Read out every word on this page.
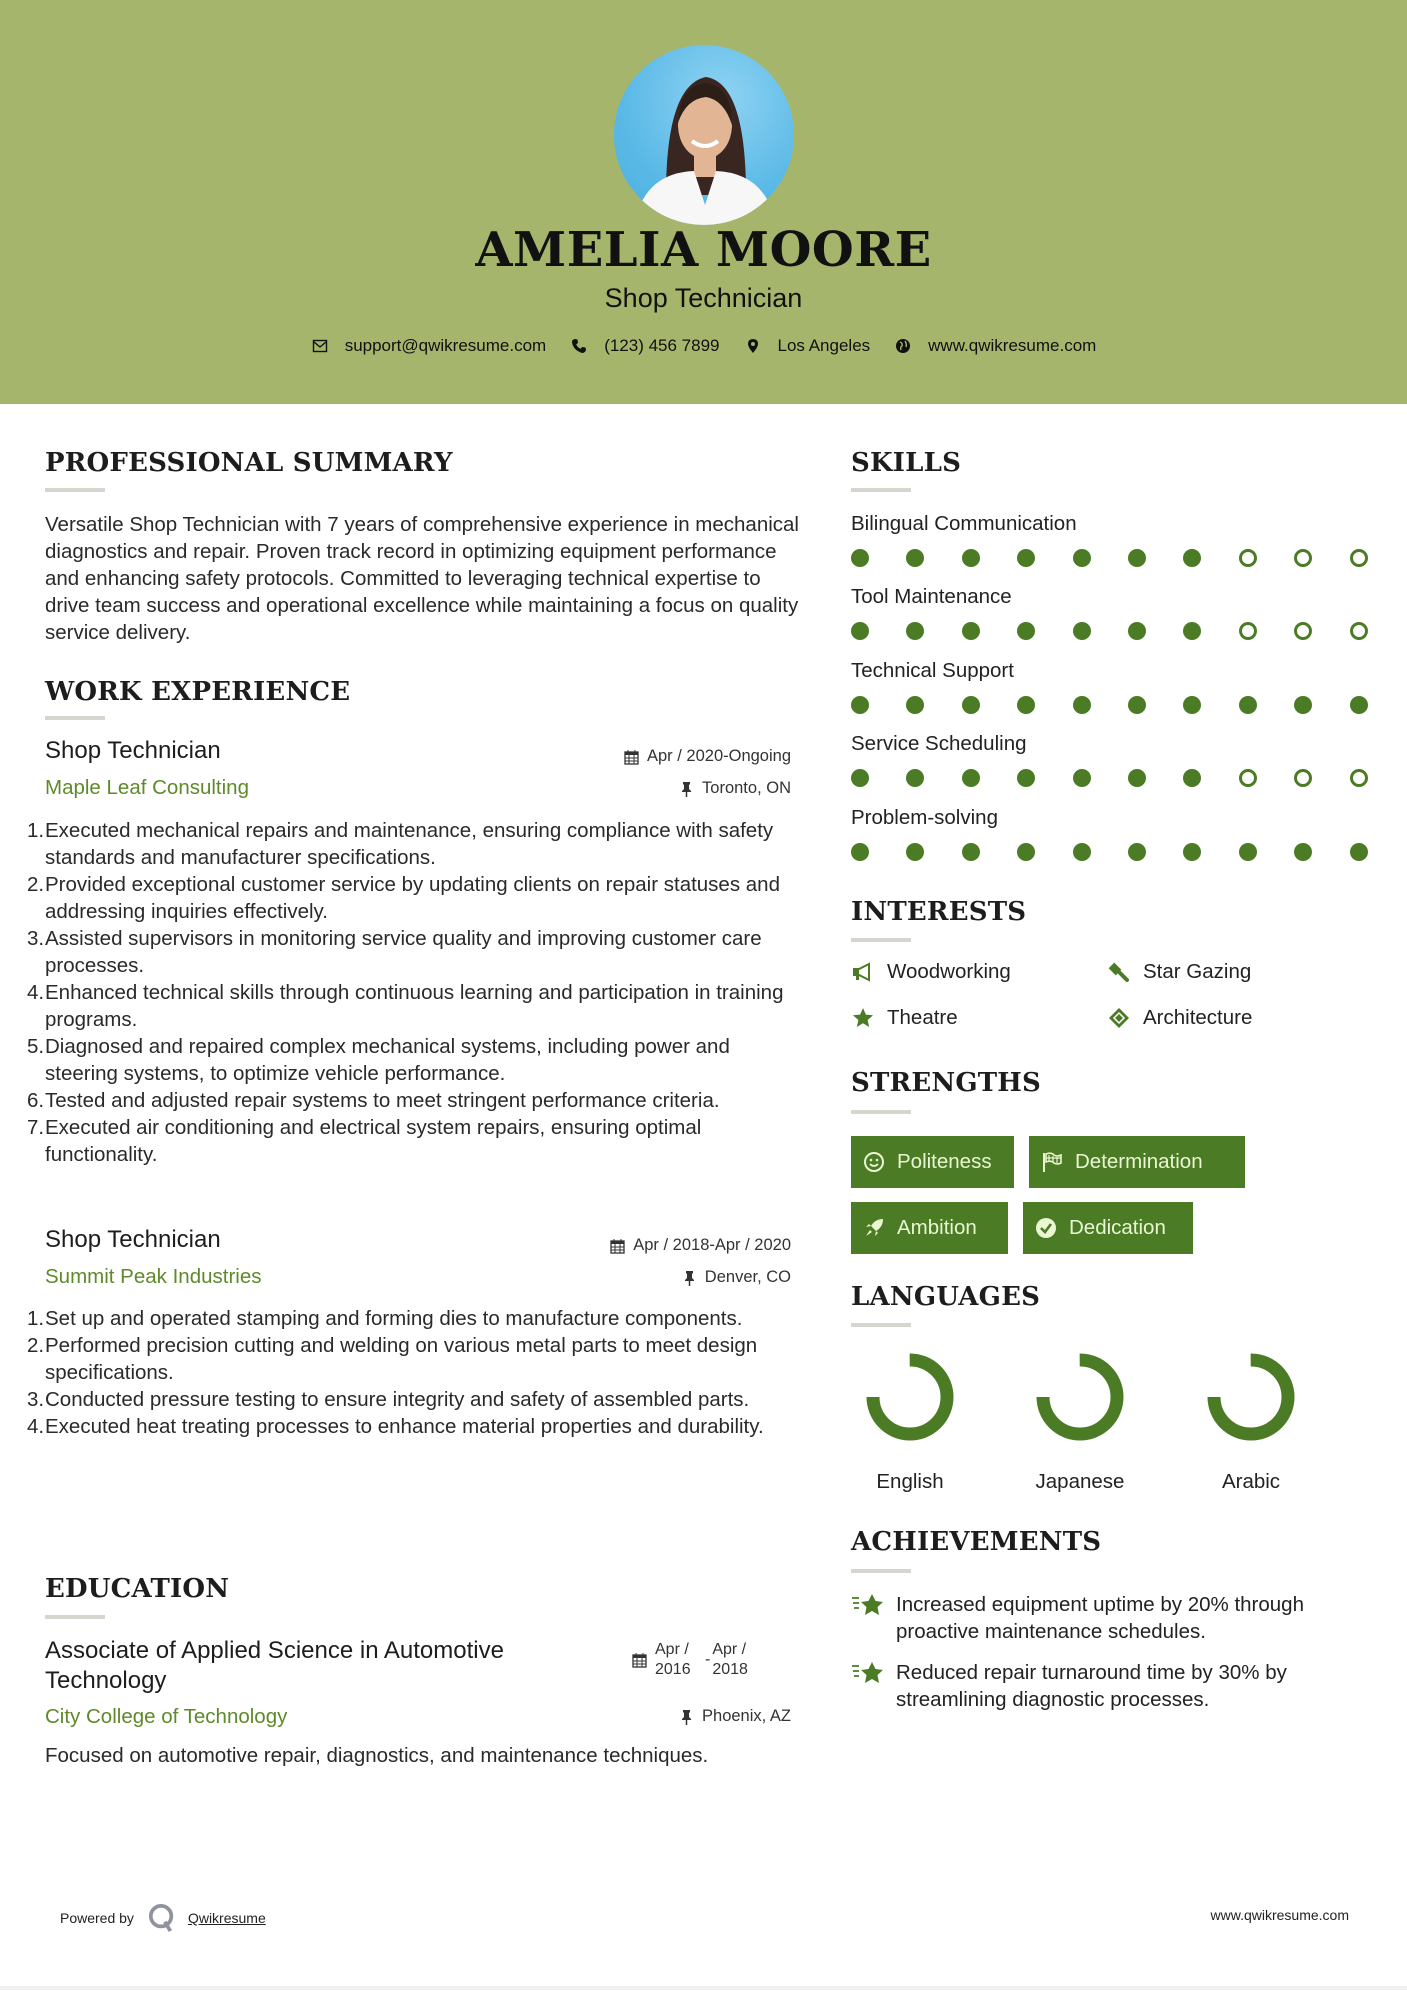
AMELIA MOORE
Shop Technician
support@qwikresume.com	(123) 456 7899	Los Angeles	www.qwikresume.com
PROFESSIONAL SUMMARY
Versatile Shop Technician with 7 years of comprehensive experience in mechanical diagnostics and repair. Proven track record in optimizing equipment performance and enhancing safety protocols. Committed to leveraging technical expertise to drive team success and operational excellence while maintaining a focus on quality service delivery.
WORK EXPERIENCE
Shop Technician	Apr / 2020-Ongoing
Maple Leaf Consulting	Toronto, ON
1. Executed mechanical repairs and maintenance, ensuring compliance with safety standards and manufacturer specifications.
2. Provided exceptional customer service by updating clients on repair statuses and addressing inquiries effectively.
3. Assisted supervisors in monitoring service quality and improving customer care processes.
4. Enhanced technical skills through continuous learning and participation in training programs.
5. Diagnosed and repaired complex mechanical systems, including power and steering systems, to optimize vehicle performance.
6. Tested and adjusted repair systems to meet stringent performance criteria.
7. Executed air conditioning and electrical system repairs, ensuring optimal functionality.
Shop Technician	Apr / 2018-Apr / 2020
Summit Peak Industries	Denver, CO
1. Set up and operated stamping and forming dies to manufacture components.
2. Performed precision cutting and welding on various metal parts to meet design specifications.
3. Conducted pressure testing to ensure integrity and safety of assembled parts.
4. Executed heat treating processes to enhance material properties and durability.
EDUCATION
Associate of Applied Science in Automotive Technology
Apr / 2016
-
Apr / 2018
City College of Technology	Phoenix, AZ
Focused on automotive repair, diagnostics, and maintenance techniques.
SKILLS
Bilingual Communication
Tool Maintenance
Technical Support
Service Scheduling
Problem-solving
INTERESTS
Woodworking	Star Gazing
Theatre	Architecture
STRENGTHS
Politeness	Determination
Ambition	Dedication
LANGUAGES
English	Japanese	Arabic
ACHIEVEMENTS
Increased equipment uptime by 20% through proactive maintenance schedules.
Reduced repair turnaround time by 30% by streamlining diagnostic processes.
Powered by	Qwikresume	www.qwikresume.com
